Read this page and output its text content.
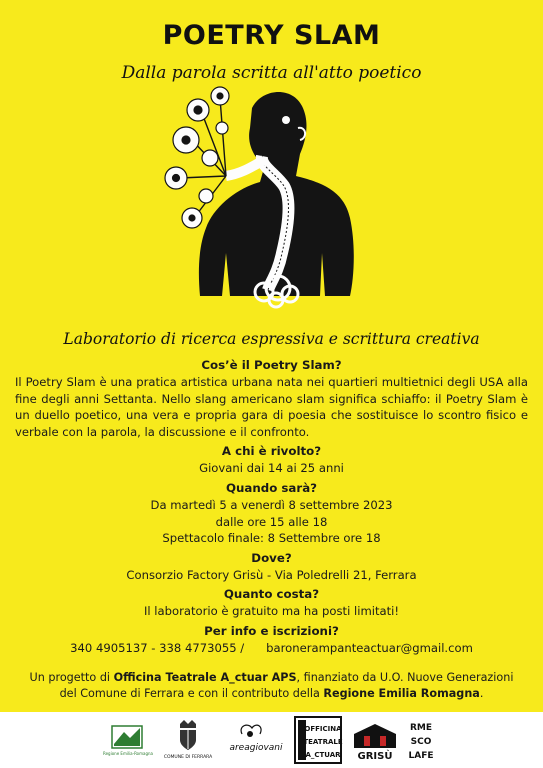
POETRY SLAM
Dalla parola scritta all'atto poetico
Laboratorio di ricerca espressiva e scrittura creativa
Cos’è il Poetry Slam?

Il Poetry Slam è una pratica artistica urbana nata nei quartieri multietnici degli USA alla fine degli anni Settanta. Nello slang americano slam significa schiaffo: il Poetry Slam è un duello poetico, una vera e propria gara di poesia che sostituisce lo scontro fisico e verbale con la parola, la discussione e il confronto.

A chi è rivolto?

Giovani dai 14 ai 25 anni

Quando sarà?

Da martedì 5 a venerdì 8 settembre 2023

dalle ore 15 alle 18

Spettacolo finale: 8 Settembre ore 18

Dove?

Consorzio Factory Grisù - Via Poledrelli 21, Ferrara

Quanto costa?

Il laboratorio è gratuito ma ha posti limitati!

Per info e iscrizioni?

340 4905137 - 338 4773055 / baronerampanteactuar@gmail.com

Un progetto di Officina Teatrale A_ctuar APS, finanziato da U.O. Nuove Generazioni del Comune di Ferrara e con il contributo della Regione Emilia Romagna.
Regione Emilia-Romagna
COMUNE DI FERRARA
areagiovani
OFFICINA
TEATRALE
A_CTUAR GRISÙ
RME
SCO
LAFE
